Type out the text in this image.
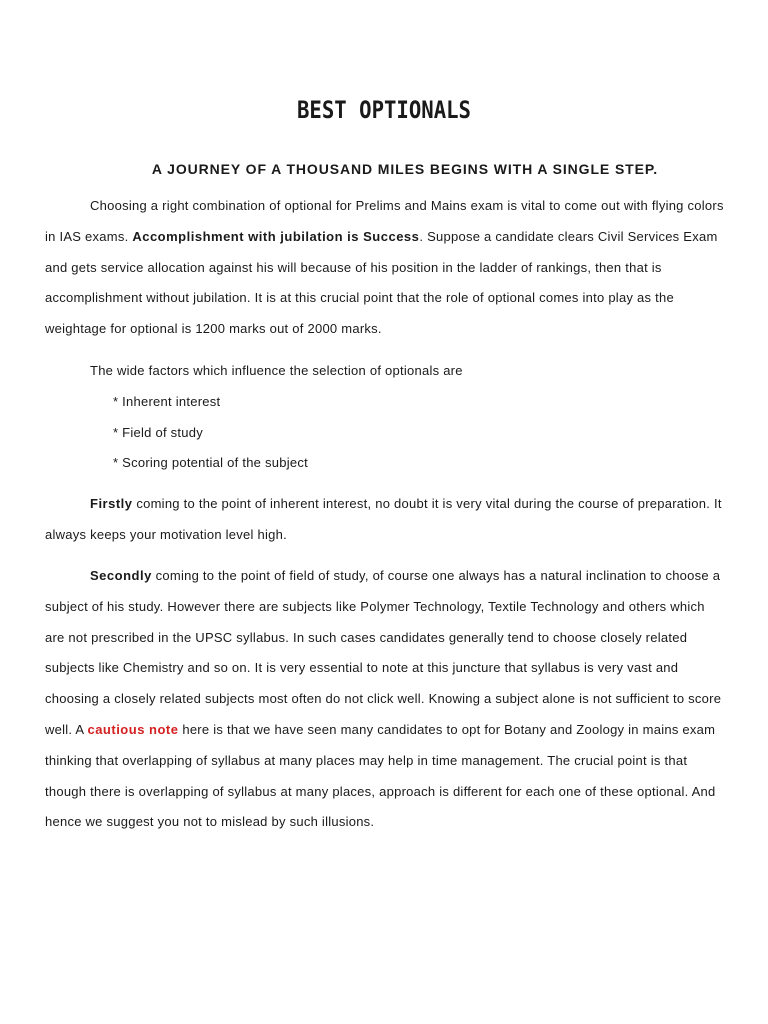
BEST OPTIONALS
A JOURNEY OF A THOUSAND MILES BEGINS WITH A SINGLE STEP.

Choosing a right combination of optional for Prelims and Mains exam is vital to come out with flying colors in IAS exams. Accomplishment with jubilation is Success. Suppose a candidate clears Civil Services Exam and gets service allocation against his will because of his position in the ladder of rankings, then that is accomplishment without jubilation. It is at this crucial point that the role of optional comes into play as the weightage for optional is 1200 marks out of 2000 marks.

The wide factors which influence the selection of optionals are

* Inherent interest

* Field of study

* Scoring potential of the subject

Firstly coming to the point of inherent interest, no doubt it is very vital during the course of preparation. It always keeps your motivation level high.

Secondly coming to the point of field of study, of course one always has a natural inclination to choose a subject of his study. However there are subjects like Polymer Technology, Textile Technology and others which are not prescribed in the UPSC syllabus. In such cases candidates generally tend to choose closely related subjects like Chemistry and so on. It is very essential to note at this juncture that syllabus is very vast and choosing a closely related subjects most often do not click well. Knowing a subject alone is not sufficient to score well. A cautious note here is that we have seen many candidates to opt for Botany and Zoology in mains exam thinking that overlapping of syllabus at many places may help in time management. The crucial point is that though there is overlapping of syllabus at many places, approach is different for each one of these optional. And hence we suggest you not to mislead by such illusions.
